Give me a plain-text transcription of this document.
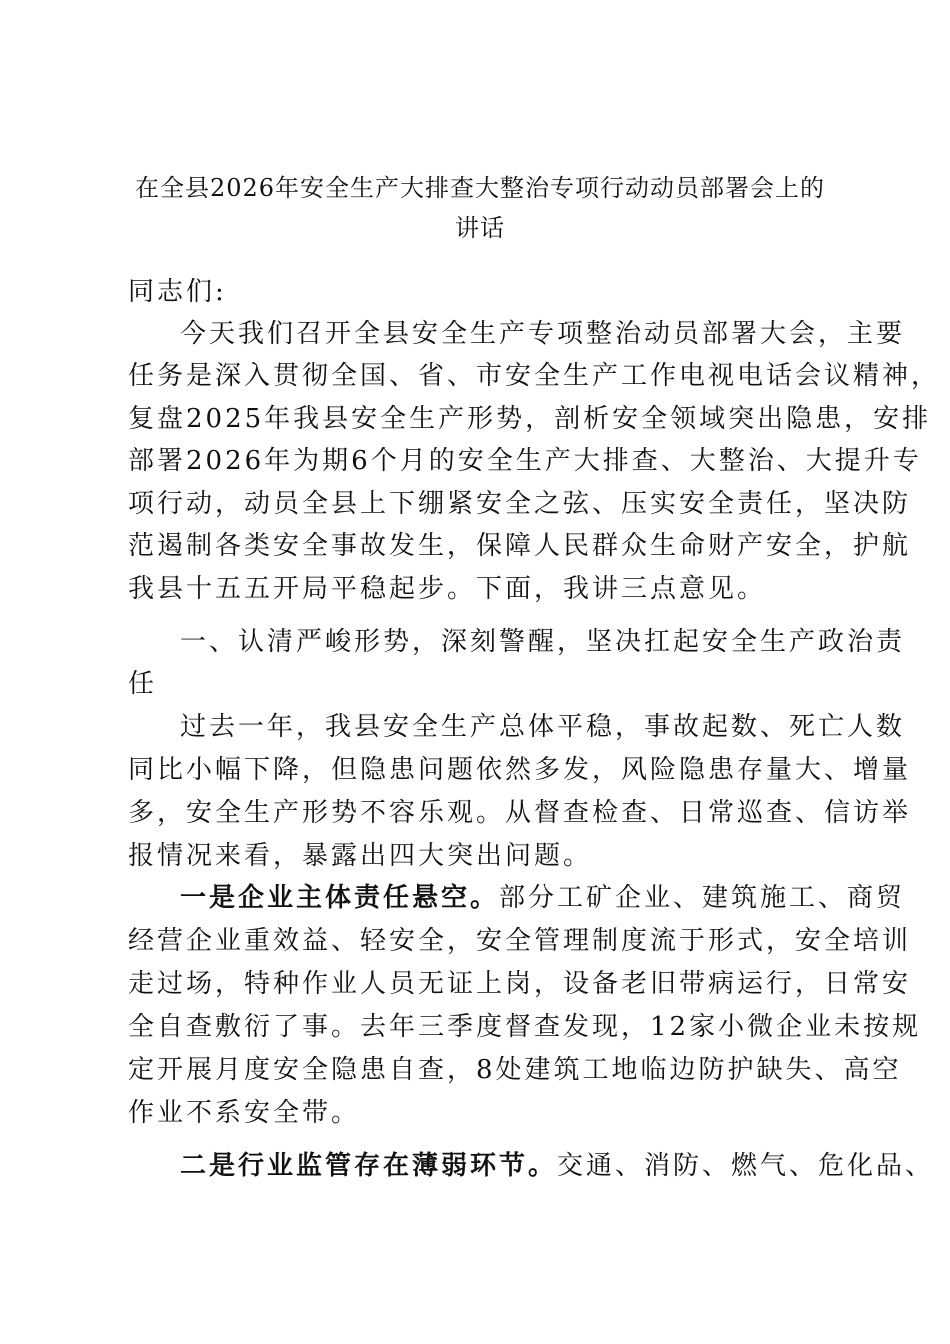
在全县2026年安全生产大排查大整治专项行动动员部署会上的
讲话
同志们:
今天我们召开全县安全生产专项整治动员部署大会，主要
任务是深入贯彻全国、省、市安全生产工作电视电话会议精神，
复盘2025年我县安全生产形势，剖析安全领域突出隐患，安排
部署2026年为期6个月的安全生产大排查、大整治、大提升专
项行动，动员全县上下绷紧安全之弦、压实安全责任，坚决防
范遏制各类安全事故发生，保障人民群众生命财产安全，护航
我县十五五开局平稳起步。下面，我讲三点意见。
一、认清严峻形势，深刻警醒，坚决扛起安全生产政治责
任
过去一年，我县安全生产总体平稳，事故起数、死亡人数
同比小幅下降，但隐患问题依然多发，风险隐患存量大、增量
多，安全生产形势不容乐观。从督查检查、日常巡查、信访举
报情况来看，暴露出四大突出问题。
一是企业主体责任悬空。部分工矿企业、建筑施工、商贸
经营企业重效益、轻安全，安全管理制度流于形式，安全培训
走过场，特种作业人员无证上岗，设备老旧带病运行，日常安
全自查敷衍了事。去年三季度督查发现，12家小微企业未按规
定开展月度安全隐患自查，8处建筑工地临边防护缺失、高空
作业不系安全带。
二是行业监管存在薄弱环节。交通、消防、燃气、危化品、
